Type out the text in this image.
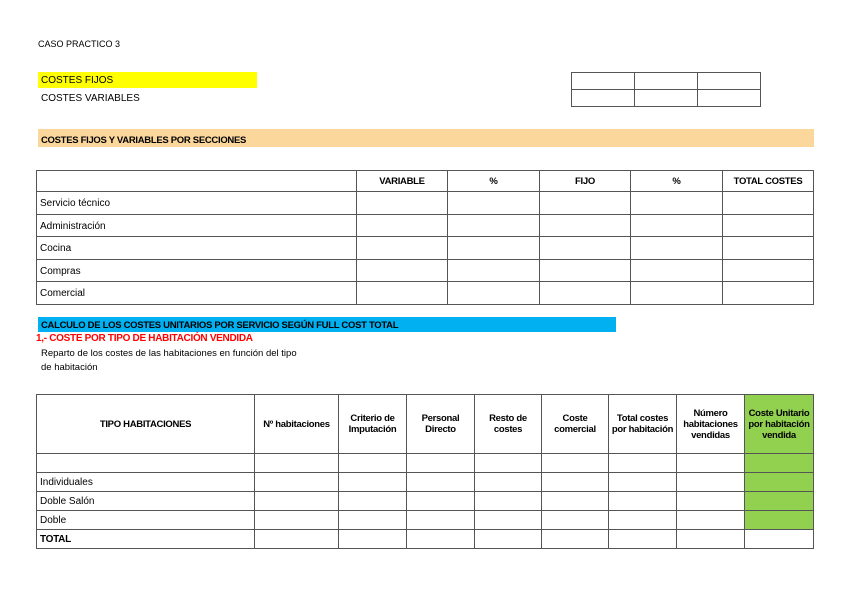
CASO PRACTICO 3
COSTES FIJOS
COSTES VARIABLES

COSTES FIJOS Y VARIABLES POR SECCIONES
	VARIABLE	%	FIJO	%	TOTAL COSTES
Servicio técnico					
Administración					
Cocina					
Compras					
Comercial					
CALCULO DE LOS COSTES UNITARIOS POR SERVICIO SEGÚN FULL COST TOTAL
1,- COSTE POR TIPO DE HABITACIÓN VENDIDA
Reparto de los costes de las habitaciones en función del tipo
de habitación
TIPO HABITACIONES	Nº habitaciones	Criterio de Imputación	Personal Directo	Resto de costes	Coste comercial	Total costes por habitación	Número habitaciones vendidas	Coste Unitario por habitación vendida

Individuales								
Doble Salón								
Doble								
TOTAL								
